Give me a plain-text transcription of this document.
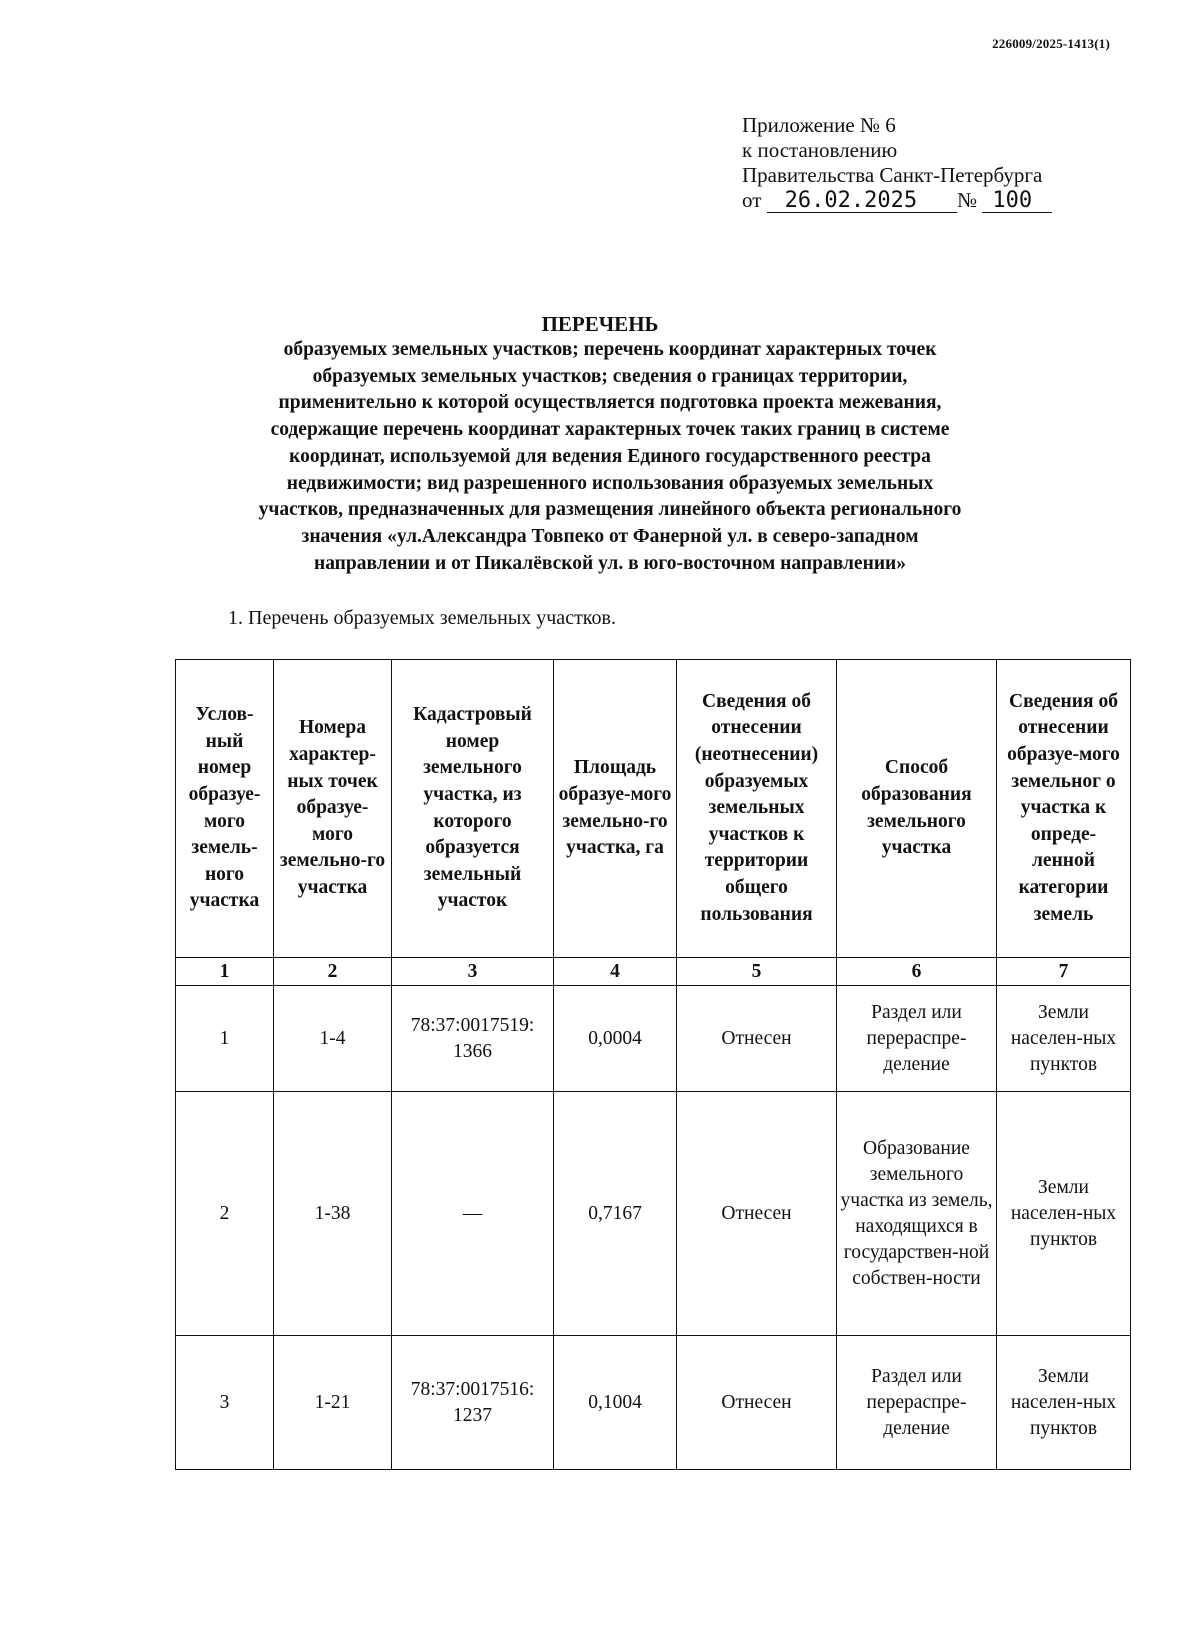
226009/2025-1413(1)
Приложение № 6
к постановлению
Правительства Санкт-Петербурга
от 26.02.2025 № 100
ПЕРЕЧЕНЬ
образуемых земельных участков; перечень координат характерных точек
образуемых земельных участков; сведения о границах территории,
применительно к которой осуществляется подготовка проекта межевания,
содержащие перечень координат характерных точек таких границ в системе
координат, используемой для ведения Единого государственного реестра
недвижимости; вид разрешенного использования образуемых земельных
участков, предназначенных для размещения линейного объекта регионального
значения «ул.Александра Товпеко от Фанерной ул. в северо-западном
направлении и от Пикалёвской ул. в юго-восточном направлении»
1. Перечень образуемых земельных участков.
Услов-ный номер образуе-мого земель-ного участка	Номера характер-ных точек образуе-мого земельно-го участка	Кадастровый номер земельного участка, из которого образуется земельный участок	Площадь образуе-мого земельно-го участка, га	Сведения об отнесении (неотнесении) образуемых земельных участков к территории общего пользования	Способ образования земельного участка	Сведения об отнесении образуе-мого земельног о участка к опреде-ленной категории земель
1	2	3	4	5	6	7
1	1-4	78:37:0017519: 1366	0,0004	Отнесен	Раздел или перераспре-деление	Земли населен-ных пунктов
2	1-38	—	0,7167	Отнесен	Образование земельного участка из земель, находящихся в государствен-ной собствен-ности	Земли населен-ных пунктов
3	1-21	78:37:0017516: 1237	0,1004	Отнесен	Раздел или перераспре-деление	Земли населен-ных пунктов
